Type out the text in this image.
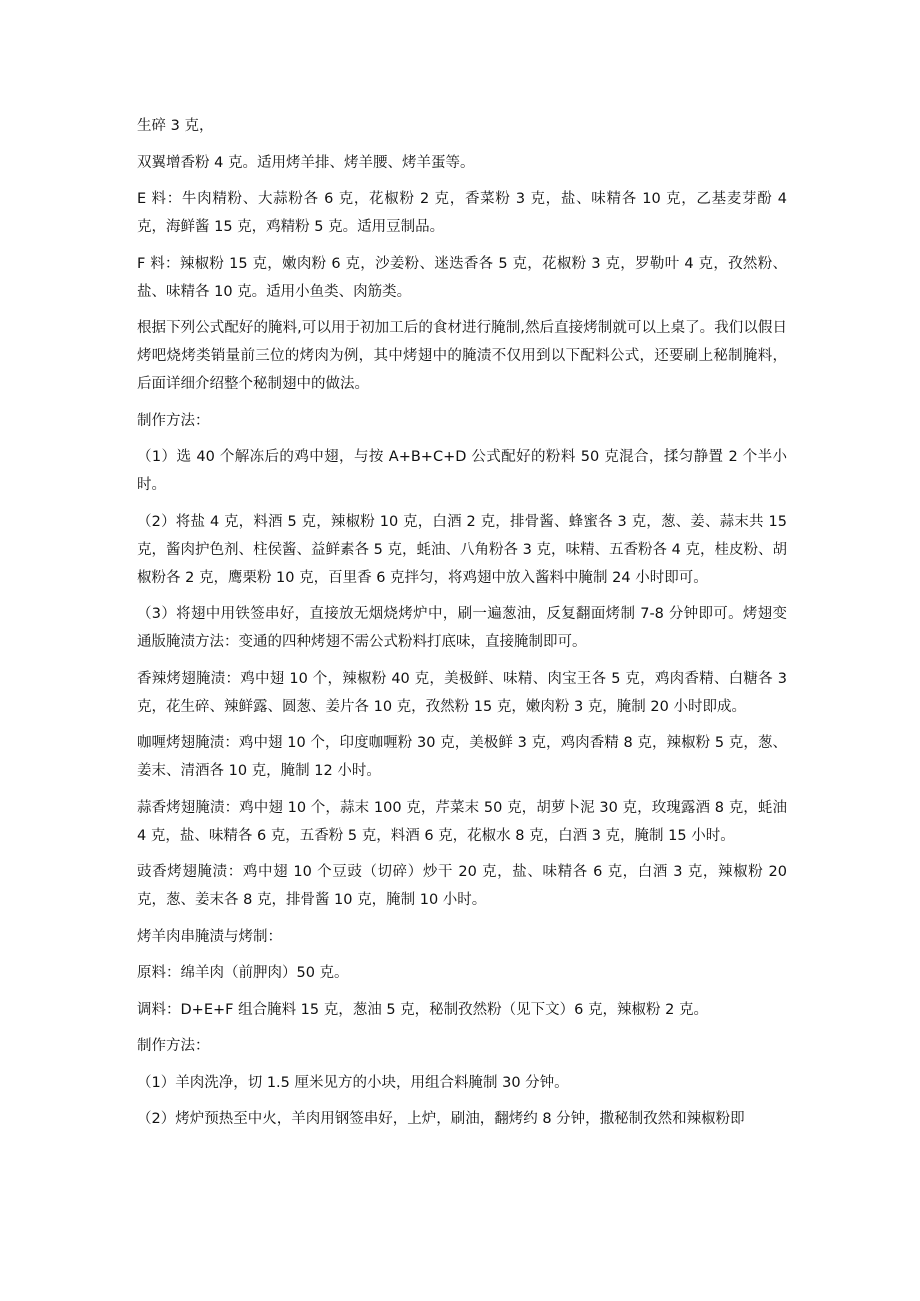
生碎 3 克，

双翼增香粉 4 克。适用烤羊排、烤羊腰、烤羊蛋等。

E 料：牛肉精粉、大蒜粉各 6 克，花椒粉 2 克，香菜粉 3 克，盐、味精各 10 克，乙基麦芽酚 4 克，海鲜酱 15 克，鸡精粉 5 克。适用豆制品。

F 料：辣椒粉 15 克，嫩肉粉 6 克，沙姜粉、迷迭香各 5 克，花椒粉 3 克，罗勒叶 4 克，孜然粉、盐、味精各 10 克。适用小鱼类、肉筋类。

根据下列公式配好的腌料,可以用于初加工后的食材进行腌制,然后直接烤制就可以上桌了。我们以假日烤吧烧烤类销量前三位的烤肉为例，其中烤翅中的腌渍不仅用到以下配料公式，还要刷上秘制腌料，后面详细介绍整个秘制翅中的做法。

制作方法：

（1）选 40 个解冻后的鸡中翅，与按 A+B+C+D 公式配好的粉料 50 克混合，揉匀静置 2 个半小时。

（2）将盐 4 克，料酒 5 克，辣椒粉 10 克，白酒 2 克，排骨酱、蜂蜜各 3 克，葱、姜、蒜末共 15 克，酱肉护色剂、柱侯酱、益鲜素各 5 克，蚝油、八角粉各 3 克，味精、五香粉各 4 克，桂皮粉、胡椒粉各 2 克，鹰栗粉 10 克，百里香 6 克拌匀，将鸡翅中放入酱料中腌制 24 小时即可。

（3）将翅中用铁签串好，直接放无烟烧烤炉中，刷一遍葱油，反复翻面烤制 7-8 分钟即可。烤翅变通版腌渍方法：变通的四种烤翅不需公式粉料打底味，直接腌制即可。

香辣烤翅腌渍：鸡中翅 10 个，辣椒粉 40 克，美极鲜、味精、肉宝王各 5 克，鸡肉香精、白糖各 3 克，花生碎、辣鲜露、圆葱、姜片各 10 克，孜然粉 15 克，嫩肉粉 3 克，腌制 20 小时即成。

咖喱烤翅腌渍：鸡中翅 10 个，印度咖喱粉 30 克，美极鲜 3 克，鸡肉香精 8 克，辣椒粉 5 克，葱、姜末、清酒各 10 克，腌制 12 小时。

蒜香烤翅腌渍：鸡中翅 10 个，蒜末 100 克，芹菜末 50 克，胡萝卜泥 30 克，玫瑰露酒 8 克，蚝油 4 克，盐、味精各 6 克，五香粉 5 克，料酒 6 克，花椒水 8 克，白酒 3 克，腌制 15 小时。

豉香烤翅腌渍：鸡中翅 10 个豆豉（切碎）炒干 20 克，盐、味精各 6 克，白酒 3 克，辣椒粉 20 克，葱、姜末各 8 克，排骨酱 10 克，腌制 10 小时。

烤羊肉串腌渍与烤制：

原料：绵羊肉（前胛肉）50 克。

调料：D+E+F 组合腌料 15 克，葱油 5 克，秘制孜然粉（见下文）6 克，辣椒粉 2 克。

制作方法：

（1）羊肉洗净，切 1.5 厘米见方的小块，用组合料腌制 30 分钟。

（2）烤炉预热至中火，羊肉用钢签串好，上炉，刷油，翻烤约 8 分钟，撒秘制孜然和辣椒粉即
